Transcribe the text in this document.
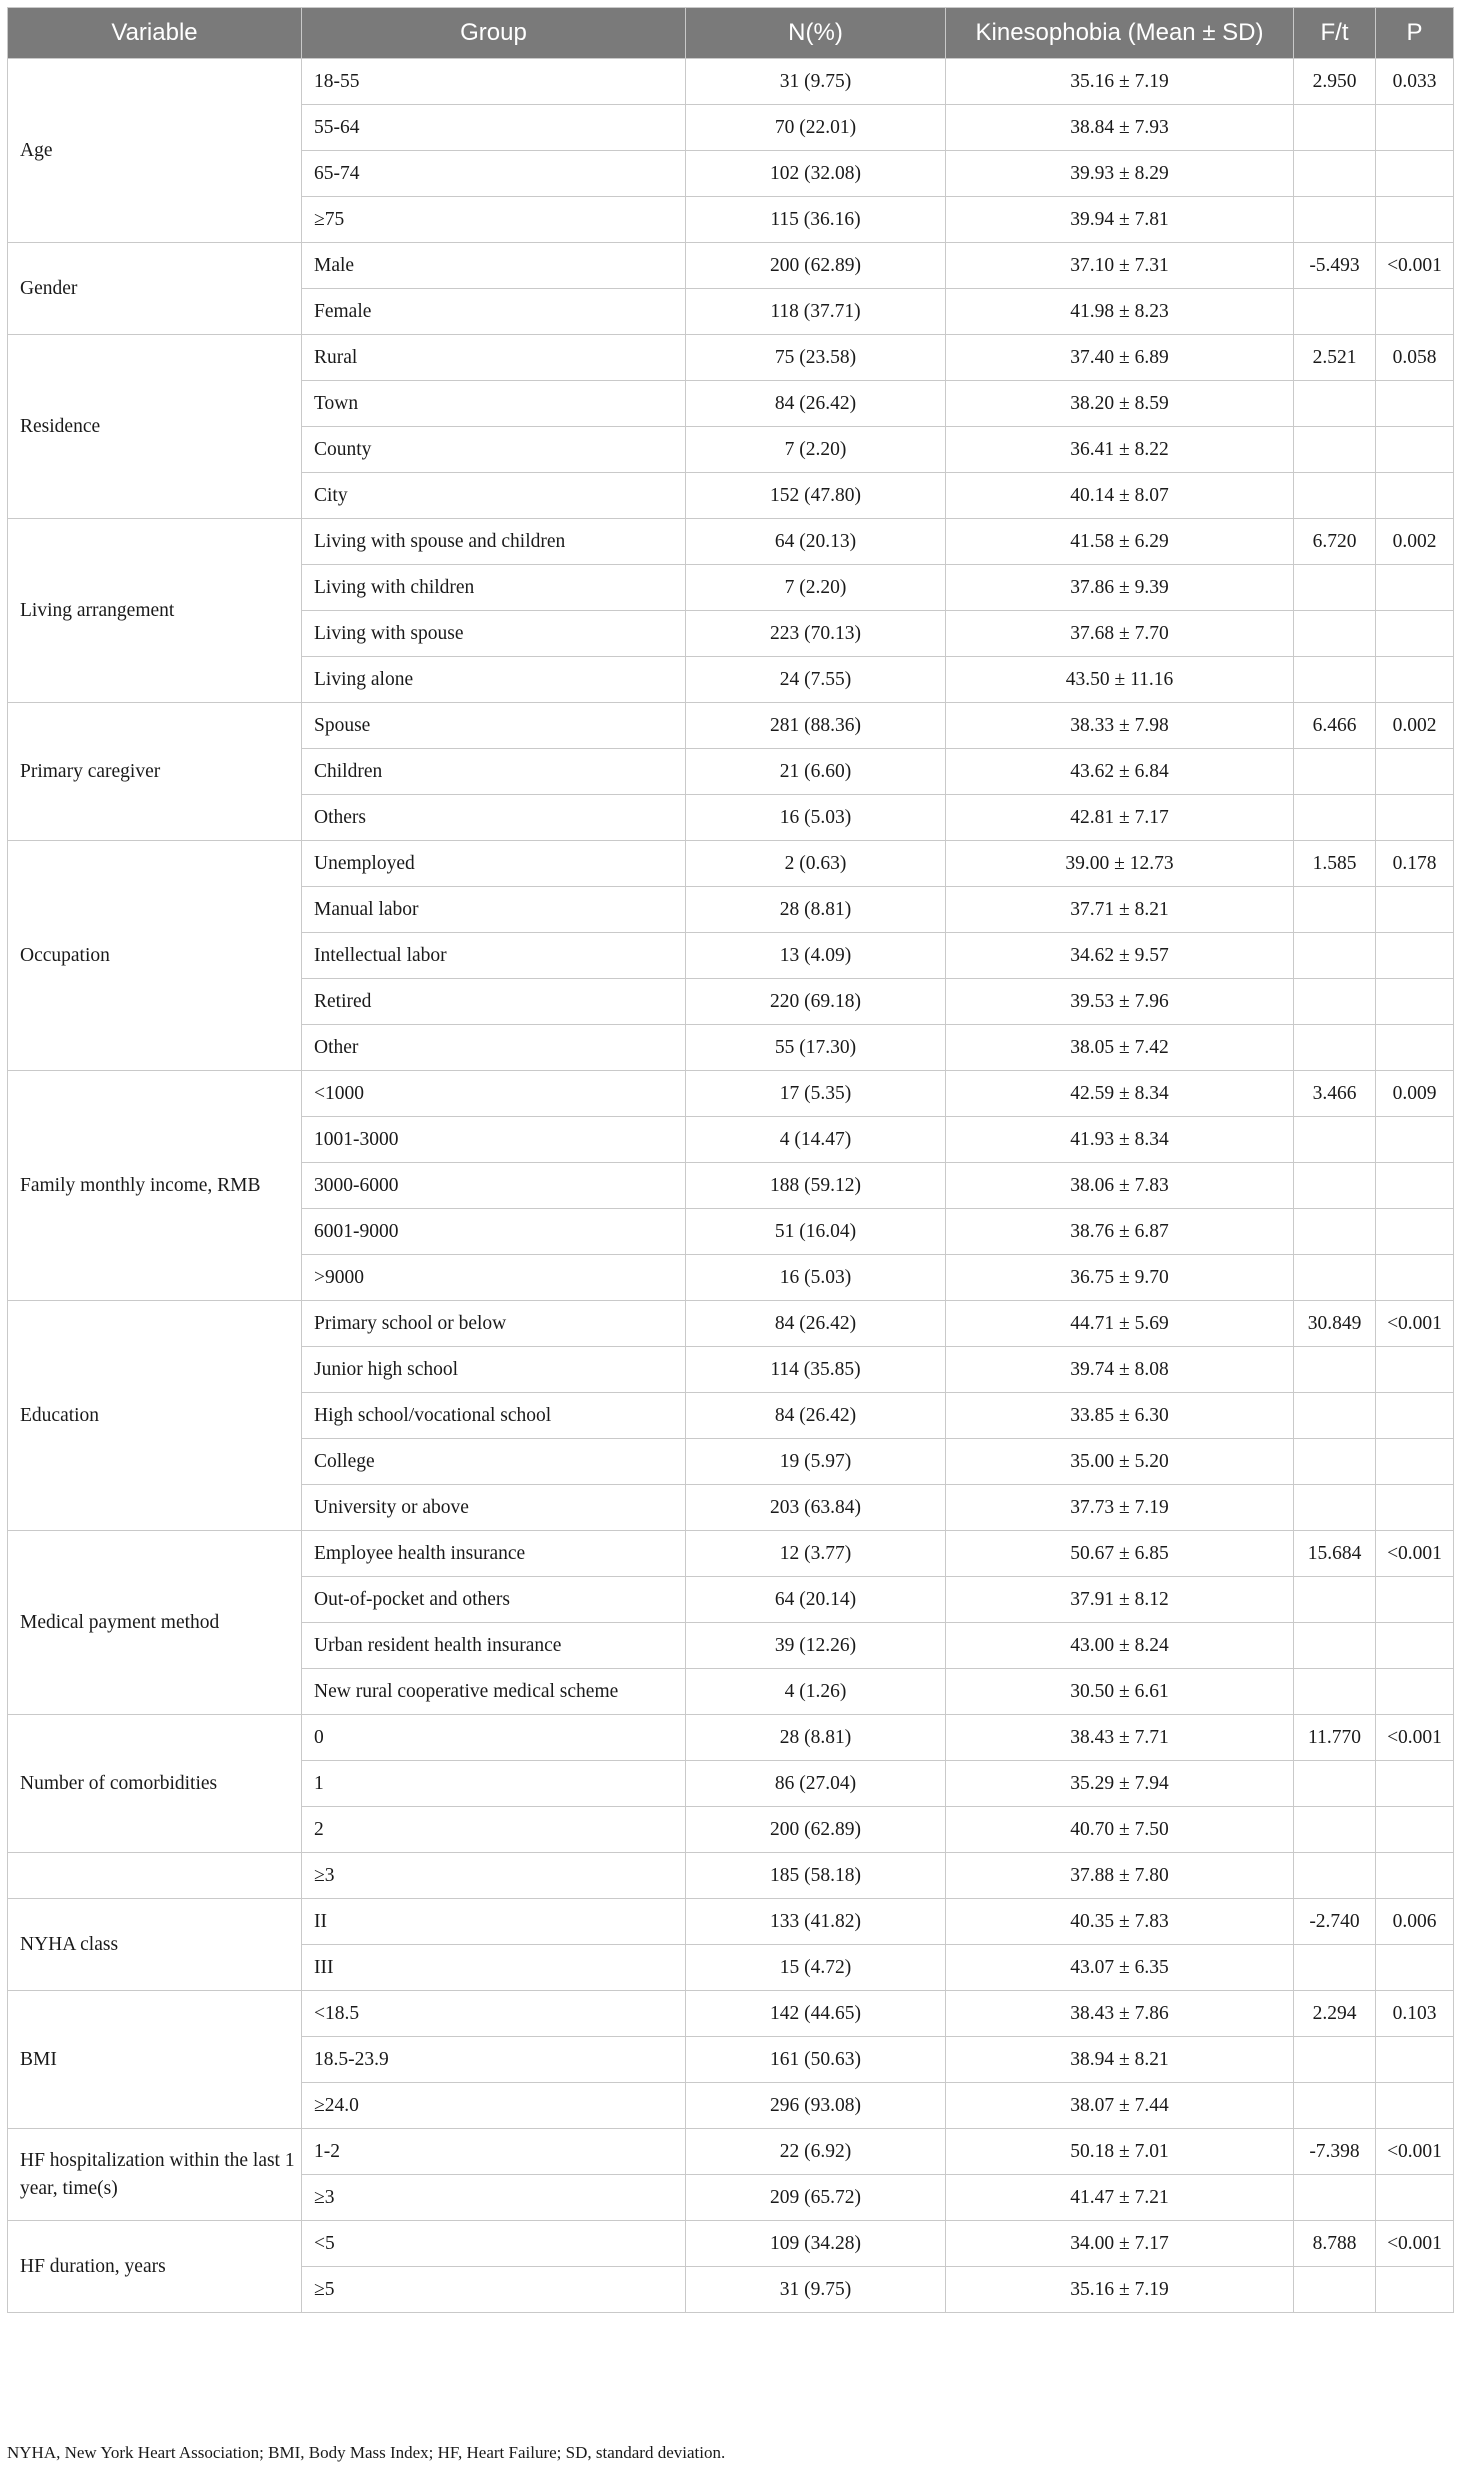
Variable	Group	N(%)	Kinesophobia (Mean ± SD)	F/t	P
Age	18-55	31 (9.75)	35.16 ± 7.19	2.950	0.033
	55-64	70 (22.01)	38.84 ± 7.93		
	65-74	102 (32.08)	39.93 ± 8.29		
	≥75	115 (36.16)	39.94 ± 7.81		
Gender	Male	200 (62.89)	37.10 ± 7.31	-5.493	<0.001
	Female	118 (37.71)	41.98 ± 8.23		
Residence	Rural	75 (23.58)	37.40 ± 6.89	2.521	0.058
	Town	84 (26.42)	38.20 ± 8.59		
	County	7 (2.20)	36.41 ± 8.22		
	City	152 (47.80)	40.14 ± 8.07		
Living arrangement	Living with spouse and children	64 (20.13)	41.58 ± 6.29	6.720	0.002
	Living with children	7 (2.20)	37.86 ± 9.39		
	Living with spouse	223 (70.13)	37.68 ± 7.70		
	Living alone	24 (7.55)	43.50 ± 11.16		
Primary caregiver	Spouse	281 (88.36)	38.33 ± 7.98	6.466	0.002
	Children	21 (6.60)	43.62 ± 6.84		
	Others	16 (5.03)	42.81 ± 7.17		
Occupation	Unemployed	2 (0.63)	39.00 ± 12.73	1.585	0.178
	Manual labor	28 (8.81)	37.71 ± 8.21		
	Intellectual labor	13 (4.09)	34.62 ± 9.57		
	Retired	220 (69.18)	39.53 ± 7.96		
	Other	55 (17.30)	38.05 ± 7.42		
Family monthly income, RMB	<1000	17 (5.35)	42.59 ± 8.34	3.466	0.009
	1001-3000	4 (14.47)	41.93 ± 8.34		
	3000-6000	188 (59.12)	38.06 ± 7.83		
	6001-9000	51 (16.04)	38.76 ± 6.87		
	>9000	16 (5.03)	36.75 ± 9.70		
Education	Primary school or below	84 (26.42)	44.71 ± 5.69	30.849	<0.001
	Junior high school	114 (35.85)	39.74 ± 8.08		
	High school/vocational school	84 (26.42)	33.85 ± 6.30		
	College	19 (5.97)	35.00 ± 5.20		
	University or above	203 (63.84)	37.73 ± 7.19		
Medical payment method	Employee health insurance	12 (3.77)	50.67 ± 6.85	15.684	<0.001
	Out-of-pocket and others	64 (20.14)	37.91 ± 8.12		
	Urban resident health insurance	39 (12.26)	43.00 ± 8.24		
	New rural cooperative medical scheme	4 (1.26)	30.50 ± 6.61		
Number of comorbidities	0	28 (8.81)	38.43 ± 7.71	11.770	<0.001
	1	86 (27.04)	35.29 ± 7.94		
	2	200 (62.89)	40.70 ± 7.50		
	≥3	185 (58.18)	37.88 ± 7.80		
NYHA class	II	133 (41.82)	40.35 ± 7.83	-2.740	0.006
	III	15 (4.72)	43.07 ± 6.35		
BMI	<18.5	142 (44.65)	38.43 ± 7.86	2.294	0.103
	18.5-23.9	161 (50.63)	38.94 ± 8.21		
	≥24.0	296 (93.08)	38.07 ± 7.44		
HF hospitalization within the last 1 year, time(s)	1-2	22 (6.92)	50.18 ± 7.01	-7.398	<0.001
	≥3	209 (65.72)	41.47 ± 7.21		
HF duration, years	<5	109 (34.28)	34.00 ± 7.17	8.788	<0.001
	≥5	31 (9.75)	35.16 ± 7.19		
NYHA, New York Heart Association; BMI, Body Mass Index; HF, Heart Failure; SD, standard deviation.
